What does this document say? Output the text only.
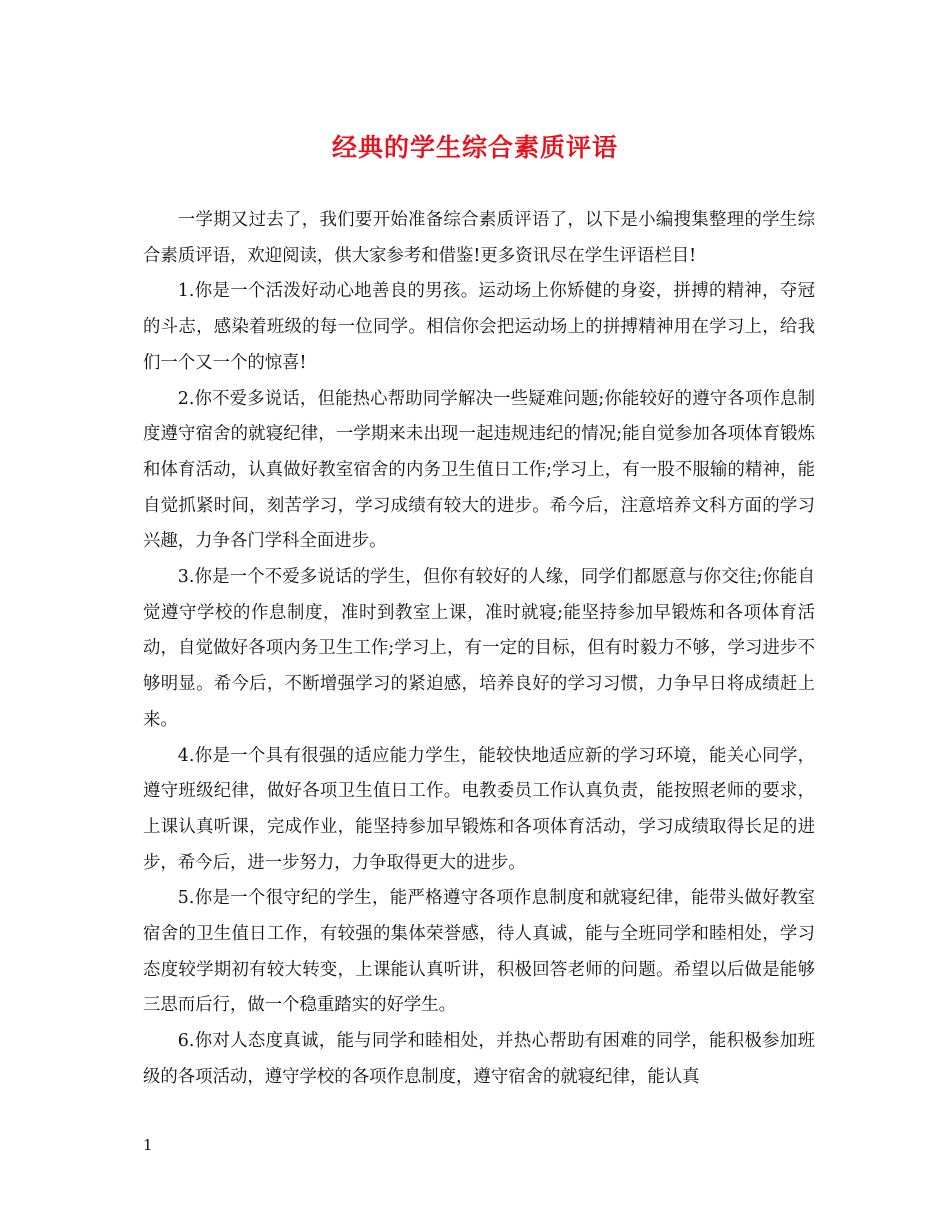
经典的学生综合素质评语

一学期又过去了，我们要开始准备综合素质评语了，以下是小编搜集整理的学生综合素质评语，欢迎阅读，供大家参考和借鉴!更多资讯尽在学生评语栏目!

1.你是一个活泼好动心地善良的男孩。运动场上你矫健的身姿，拼搏的精神，夺冠的斗志，感染着班级的每一位同学。相信你会把运动场上的拼搏精神用在学习上，给我们一个又一个的惊喜!

2.你不爱多说话，但能热心帮助同学解决一些疑难问题;你能较好的遵守各项作息制度遵守宿舍的就寝纪律，一学期来未出现一起违规违纪的情况;能自觉参加各项体育锻炼和体育活动，认真做好教室宿舍的内务卫生值日工作;学习上，有一股不服输的精神，能自觉抓紧时间，刻苦学习，学习成绩有较大的进步。希今后，注意培养文科方面的学习兴趣，力争各门学科全面进步。

3.你是一个不爱多说话的学生，但你有较好的人缘，同学们都愿意与你交往;你能自觉遵守学校的作息制度，准时到教室上课，准时就寝;能坚持参加早锻炼和各项体育活动，自觉做好各项内务卫生工作;学习上，有一定的目标，但有时毅力不够，学习进步不够明显。希今后，不断增强学习的紧迫感，培养良好的学习习惯，力争早日将成绩赶上来。

4.你是一个具有很强的适应能力学生，能较快地适应新的学习环境，能关心同学，遵守班级纪律，做好各项卫生值日工作。电教委员工作认真负责，能按照老师的要求，上课认真听课，完成作业，能坚持参加早锻炼和各项体育活动，学习成绩取得长足的进步，希今后，进一步努力，力争取得更大的进步。

5.你是一个很守纪的学生，能严格遵守各项作息制度和就寝纪律，能带头做好教室宿舍的卫生值日工作，有较强的集体荣誉感，待人真诚，能与全班同学和睦相处，学习态度较学期初有较大转变，上课能认真听讲，积极回答老师的问题。希望以后做是能够三思而后行，做一个稳重踏实的好学生。

6.你对人态度真诚，能与同学和睦相处，并热心帮助有困难的同学，能积极参加班级的各项活动，遵守学校的各项作息制度，遵守宿舍的就寝纪律，能认真

1
